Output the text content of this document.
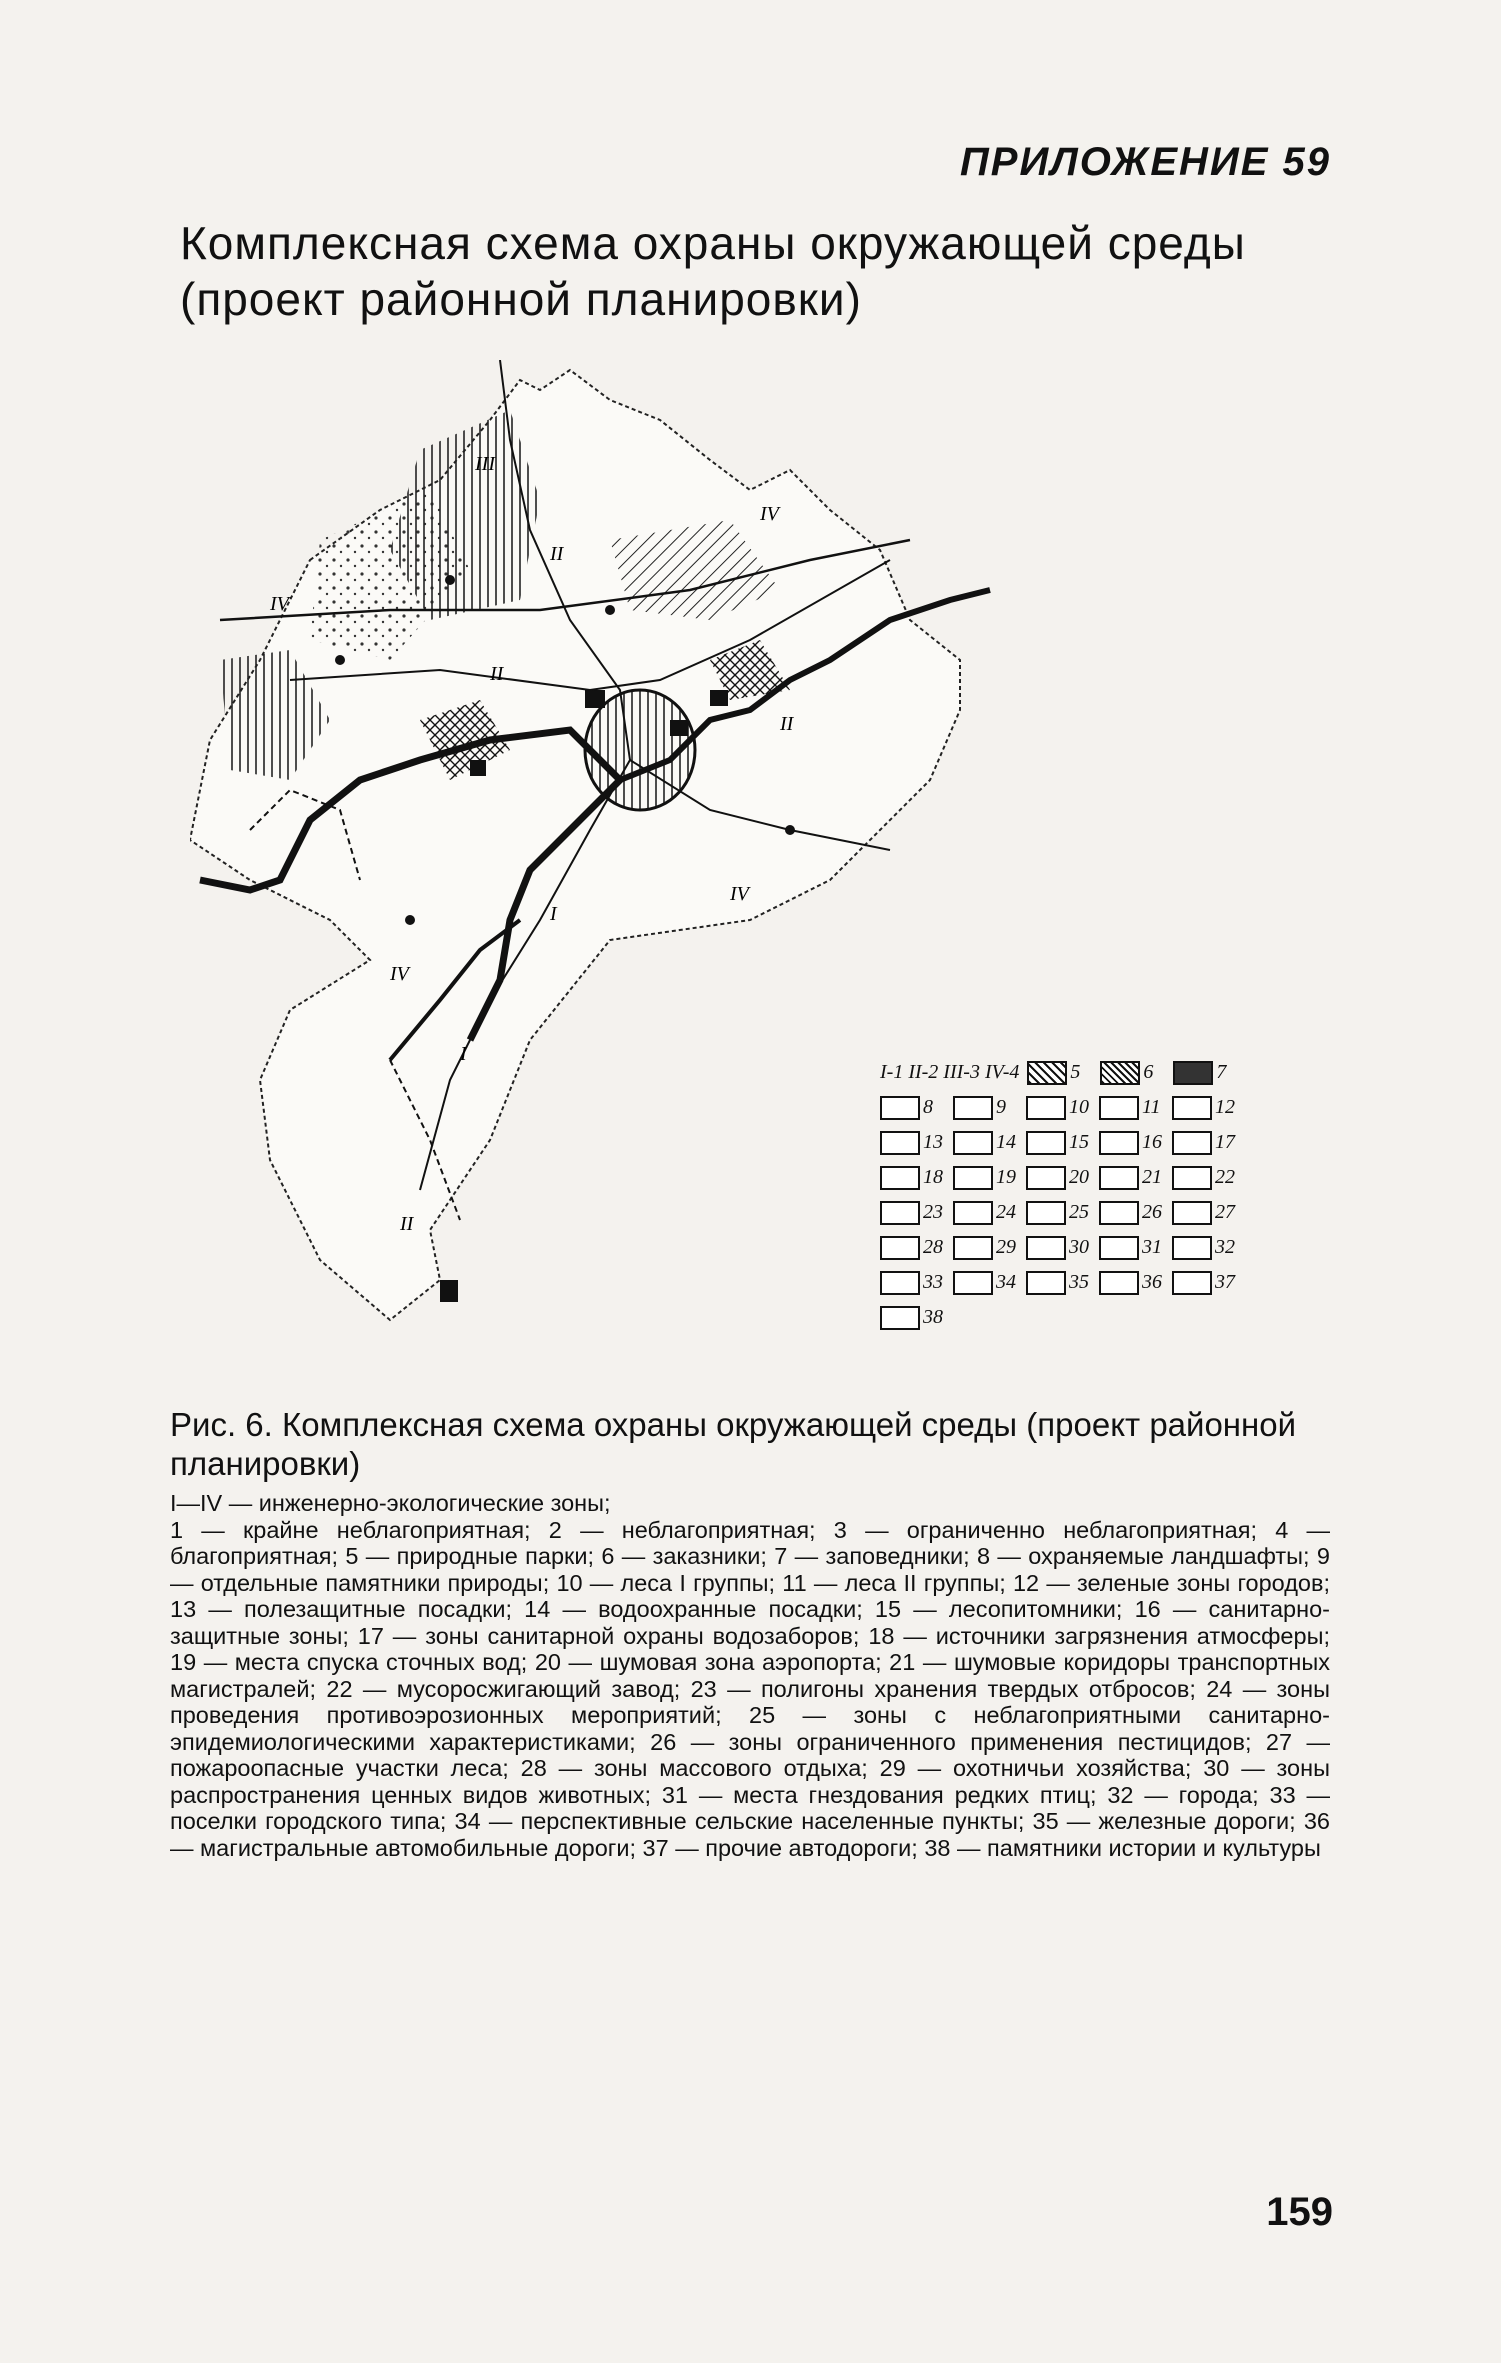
ПРИЛОЖЕНИЕ 59
Комплексная схема охраны окружающей среды
(проект районной планировки)
IV
III
II
II
I
IV
IV
II
IV
I
II
I-1 II-2 III-3 IV-4	5	6	7
8	9	10	11	12
13	14	15	16	17
18	19	20	21	22
23	24	25	26	27
28	29	30	31	32
33	34	35	36	37
38
Рис. 6. Комплексная схема охраны окружающей среды (проект районной планировки)
I—IV — инженерно-экологические зоны;
1 — крайне неблагоприятная; 2 — неблагоприятная; 3 — ограниченно неблагоприятная; 4 — благоприятная; 5 — природные парки; 6 — заказники; 7 — заповедники; 8 — охраняемые ландшафты; 9 — отдельные памятники природы; 10 — леса I группы; 11 — леса II группы; 12 — зеленые зоны городов; 13 — полезащитные посадки; 14 — водоохранные посадки; 15 — лесопитомники; 16 — санитарно-защитные зоны; 17 — зоны санитарной охраны водозаборов; 18 — источники загрязнения атмосферы; 19 — места спуска сточных вод; 20 — шумовая зона аэропорта; 21 — шумовые коридоры транспортных магистралей; 22 — мусоросжигающий завод; 23 — полигоны хранения твердых отбросов; 24 — зоны проведения противоэрозионных мероприятий; 25 — зоны с неблагоприятными санитарно-эпидемиологическими характеристиками; 26 — зоны ограниченного применения пестицидов; 27 — пожароопасные участки леса; 28 — зоны массового отдыха; 29 — охотничьи хозяйства; 30 — зоны распространения ценных видов животных; 31 — места гнездования редких птиц; 32 — города; 33 — поселки городского типа; 34 — перспективные сельские населенные пункты; 35 — железные дороги; 36 — магистральные автомобильные дороги; 37 — прочие автодороги; 38 — памятники истории и культуры
159
